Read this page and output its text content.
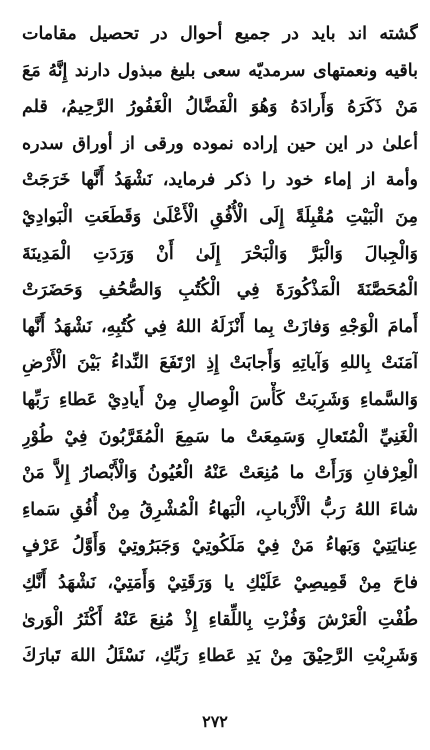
گشته اند باید در جمیع أحوال در تحصيل مقامات
باقيه ونعمتهای سرمدیّه سعی بلیغ مبذول دارند إِنَّهُ مَعَ
مَنْ ذَكَرَهُ وَأَرادَهُ وَهُوَ الْفَضَّالُ الْغَفُورُ الرَّحِيمُ، قلم
أعلیٰ در این حین إراده نموده ورقی از أوراق سدره
وأمة از إماء خود را ذكر فرماید، نَشْهَدُ أَنَّها خَرَجَتْ
مِنَ الْبَيْتِ مُقْبِلَةً إِلَى الْأُفُقِ الْأَعْلَىٰ وَقَطَعَتِ الْبَوادِيْ
وَالْجِبالَ وَالْبَرَّ وَالْبَحْرَ إِلَىٰ أَنْ وَرَدَتِ الْمَدِينَةَ
الْمُحَصَّنَةَ الْمَذْكُورَةَ فِي الْكُتُبِ وَالصُّحُفِ وَحَضَرَتْ
أَمامَ الْوَجْهِ وَفازَتْ بِما أَنْزَلَهُ اللهُ فِي كُتُبِهِ، نَشْهَدُ أَنَّها
آمَنَتْ بِاللهِ وَآياتِهِ وَأَجابَتْ إِذِ ارْتَفَعَ النِّداءُ بَيْنَ الْأَرْضِ
وَالسَّماءِ وَشَرِبَتْ كَأْسَ الْوِصالِ مِنْ أَيادِيْ عَطاءِ رَبِّها
الْغَنِيِّ الْمُتَعالِ وَسَمِعَتْ ما سَمِعَ الْمُقَرَّبُونَ فِيْ طُوْرِ
الْعِرْفانِ وَرَأَتْ ما مُنِعَتْ عَنْهُ الْعُيُونُ وَالْأَبْصارُ إِلاَّ مَنْ
شاءَ اللهُ رَبُّ الْأَرْبابِ، الْبَهاءُ الْمُشْرِقُ مِنْ أُفُقِ سَماءِ
عِنايَتِيْ وَبَهاءُ مَنْ فِيْ مَلَكُوتِيْ وَجَبَرُوتِيْ وَأَوَّلُ عَرْفٍ
فاحَ مِنْ قَمِيصِيْ عَلَيْكِ يا وَرَقَتِيْ وَأَمَتِيْ، نَشْهَدُ أَنَّكِ
طُفْتِ الْعَرْشَ وَفُزْتِ بِاللِّقاءِ إِذْ مُنِعَ عَنْهُ أَكْثَرُ الْوَرىٰ
وَشَرِبْتِ الرَّحِيْقَ مِنْ يَدِ عَطاءِ رَبِّكِ، نَسْئَلُ اللهَ تَبارَكَ
۲۷۲
